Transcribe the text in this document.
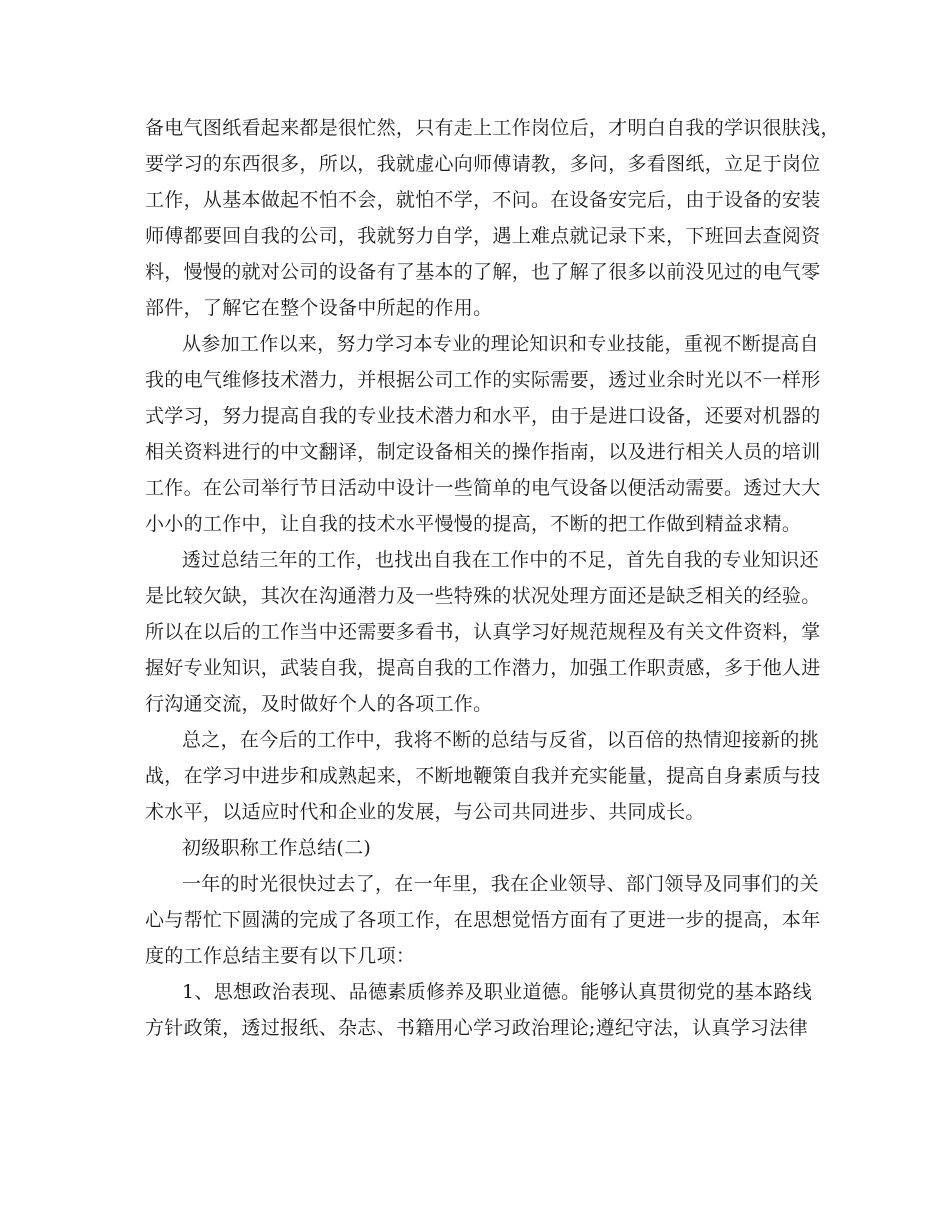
备电气图纸看起来都是很忙然，只有走上工作岗位后，才明白自我的学识很肤浅，
要学习的东西很多，所以，我就虚心向师傅请教，多问，多看图纸，立足于岗位
工作，从基本做起不怕不会，就怕不学，不问。在设备安完后，由于设备的安装
师傅都要回自我的公司，我就努力自学，遇上难点就记录下来，下班回去查阅资
料，慢慢的就对公司的设备有了基本的了解，也了解了很多以前没见过的电气零
部件，了解它在整个设备中所起的作用。
从参加工作以来，努力学习本专业的理论知识和专业技能，重视不断提高自
我的电气维修技术潜力，并根据公司工作的实际需要，透过业余时光以不一样形
式学习，努力提高自我的专业技术潜力和水平，由于是进口设备，还要对机器的
相关资料进行的中文翻译，制定设备相关的操作指南，以及进行相关人员的培训
工作。在公司举行节日活动中设计一些简单的电气设备以便活动需要。透过大大
小小的工作中，让自我的技术水平慢慢的提高，不断的把工作做到精益求精。
透过总结三年的工作，也找出自我在工作中的不足，首先自我的专业知识还
是比较欠缺，其次在沟通潜力及一些特殊的状况处理方面还是缺乏相关的经验。
所以在以后的工作当中还需要多看书，认真学习好规范规程及有关文件资料，掌
握好专业知识，武装自我，提高自我的工作潜力，加强工作职责感，多于他人进
行沟通交流，及时做好个人的各项工作。
总之，在今后的工作中，我将不断的总结与反省，以百倍的热情迎接新的挑
战，在学习中进步和成熟起来，不断地鞭策自我并充实能量，提高自身素质与技
术水平，以适应时代和企业的发展，与公司共同进步、共同成长。
初级职称工作总结(二)
一年的时光很快过去了，在一年里，我在企业领导、部门领导及同事们的关
心与帮忙下圆满的完成了各项工作，在思想觉悟方面有了更进一步的提高，本年
度的工作总结主要有以下几项：
1、思想政治表现、品德素质修养及职业道德。能够认真贯彻党的基本路线
方针政策，透过报纸、杂志、书籍用心学习政治理论;遵纪守法，认真学习法律
